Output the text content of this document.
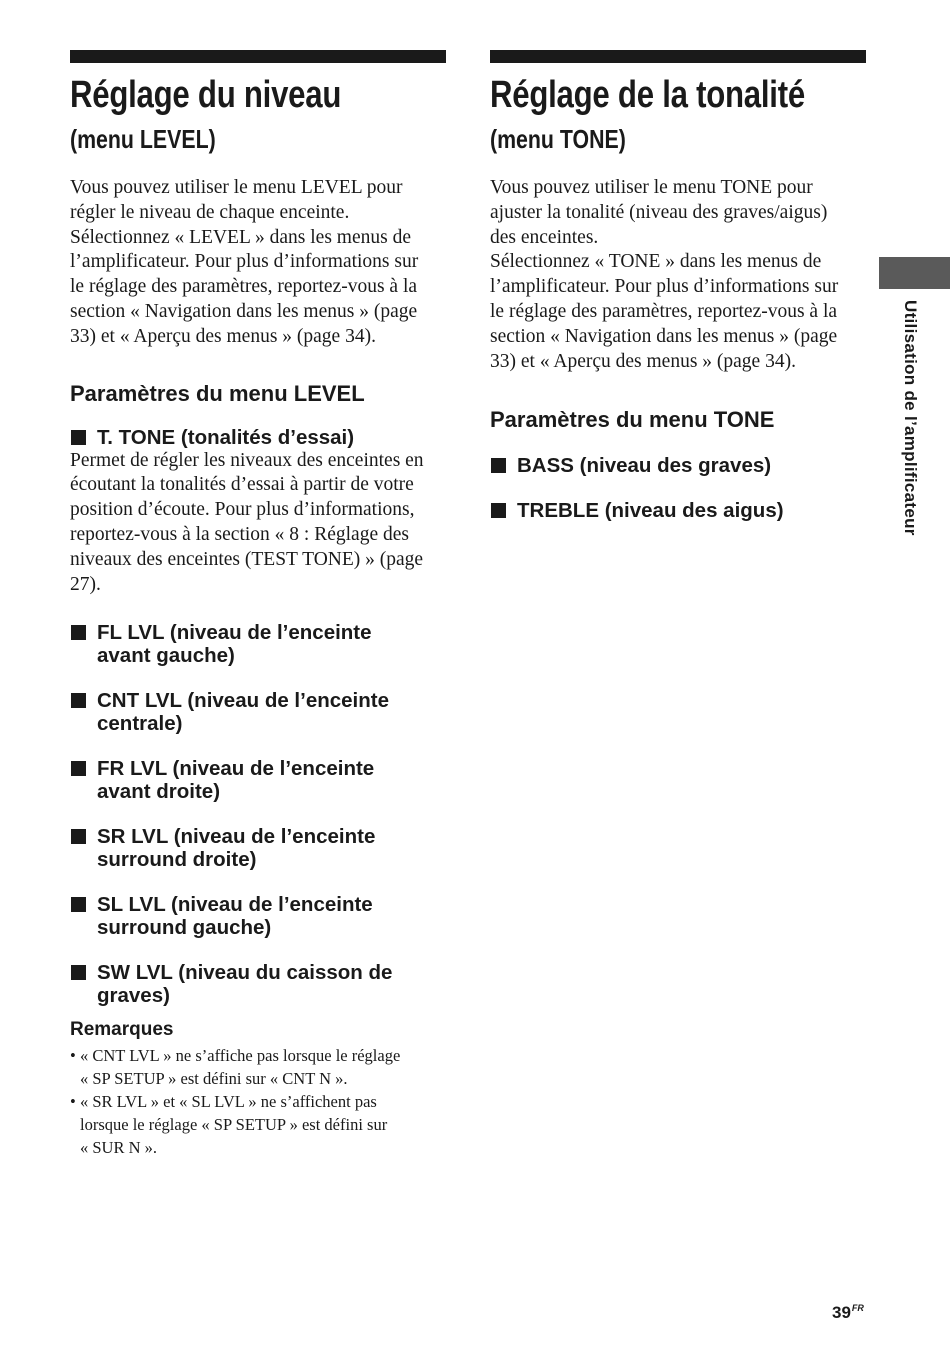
Réglage du niveau
(menu LEVEL)

Vous pouvez utiliser le menu LEVEL pour
régler le niveau de chaque enceinte.
Sélectionnez « LEVEL » dans les menus de
l’amplificateur. Pour plus d’informations sur
le réglage des paramètres, reportez-vous à la
section « Navigation dans les menus » (page
33) et « Aperçu des menus » (page 34).

Paramètres du menu LEVEL
T. TONE (tonalités d’essai)

Permet de régler les niveaux des enceintes en
écoutant la tonalités d’essai à partir de votre
position d’écoute. Pour plus d’informations,
reportez-vous à la section « 8 : Réglage des
niveaux des enceintes (TEST TONE) » (page
27).

FL LVL (niveau de l’enceinte
avant gauche)
CNT LVL (niveau de l’enceinte
centrale)
FR LVL (niveau de l’enceinte
avant droite)
SR LVL (niveau de l’enceinte
surround droite)
SL LVL (niveau de l’enceinte
surround gauche)
SW LVL (niveau du caisson de
graves)
Remarques
• « CNT LVL » ne s’affiche pas lorsque le réglage
« SP SETUP » est défini sur « CNT N ».
• « SR LVL » et « SL LVL » ne s’affichent pas
lorsque le réglage « SP SETUP » est défini sur
« SUR N ».
Réglage de la tonalité
(menu TONE)

Vous pouvez utiliser le menu TONE pour
ajuster la tonalité (niveau des graves/aigus)
des enceintes.
Sélectionnez « TONE » dans les menus de
l’amplificateur. Pour plus d’informations sur
le réglage des paramètres, reportez-vous à la
section « Navigation dans les menus » (page
33) et « Aperçu des menus » (page 34).

Paramètres du menu TONE
BASS (niveau des graves)
TREBLE (niveau des aigus)	Utilisation de l’amplificateur
$39^{FR}$
